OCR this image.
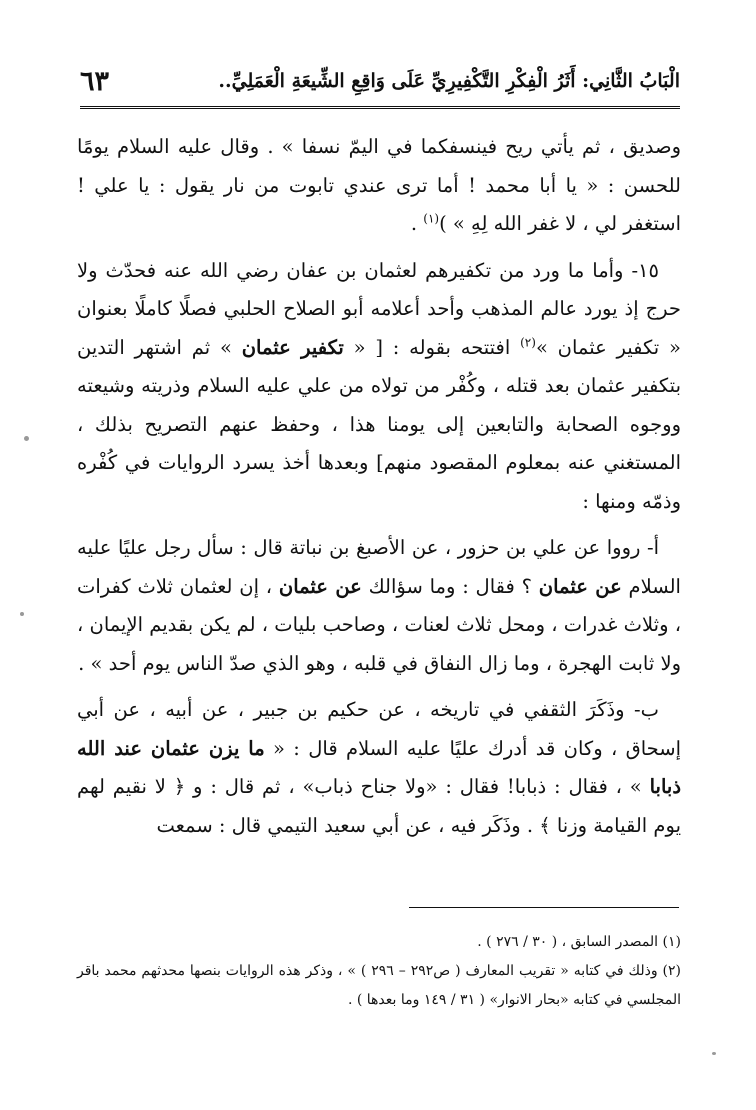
الْبَابُ الثَّانِي: أَثَرُ الْفِكْرِ التَّكْفِيرِيِّ عَلَى وَاقِعِ الشِّيعَةِ الْعَمَلِيِّ..
٦٣

وصديق ، ثم يأتي ريح فينسفكما في اليمّ نسفا » . وقال عليه السلام يومًا للحسن : « يا أبا محمد ! أما ترى عندي تابوت من نار يقول : يا علي ! استغفر لي ، لا غفر الله لِهِ » )$^{(١)}$ .

١٥- وأما ما ورد من تكفيرهم لعثمان بن عفان رضي الله عنه فحدّث ولا حرج إذ يورد عالم المذهب وأحد أعلامه أبو الصلاح الحلبي فصلًا كاملًا بعنوان « تكفير عثمان »$^{(٢)}$ افتتحه بقوله : [ « تكفير عثمان » ثم اشتهر التدين بتكفير عثمان بعد قتله ، وكُفْر من تولاه من علي عليه السلام وذريته وشيعته ووجوه الصحابة والتابعين إلى يومنا هذا ، وحفظ عنهم التصريح بذلك ، المستغني عنه بمعلوم المقصود منهم] وبعدها أخذ يسرد الروايات في كُفْره وذمّه ومنها :

أ- رووا عن علي بن حزور ، عن الأصبغ بن نباتة قال : سأل رجل عليًا عليه السلام عن عثمان ؟ فقال : وما سؤالك عن عثمان ، إن لعثمان ثلاث كفرات ، وثلاث غدرات ، ومحل ثلاث لعنات ، وصاحب بليات ، لم يكن بقديم الإيمان ، ولا ثابت الهجرة ، وما زال النفاق في قلبه ، وهو الذي صدّ الناس يوم أحد » .

ب- وذَكَرَ الثقفي في تاريخه ، عن حكيم بن جبير ، عن أبيه ، عن أبي إسحاق ، وكان قد أدرك عليًا عليه السلام قال : « ما يزن عثمان عند الله ذبابا » ، فقال : ذبابا! فقال : «ولا جناح ذباب» ، ثم قال : و ﴿ لا نقيم لهم يوم القيامة وزنا ﴾ . وذَكَر فيه ، عن أبي سعيد التيمي قال : سمعت

(١) المصدر السابق ، ( ٣٠ / ٢٧٦ ) .

(٢) وذلك في كتابه « تقريب المعارف ( ص٢٩٢ – ٢٩٦ ) » ، وذكر هذه الروايات بنصها محدثهم محمد باقر المجلسي في كتابه «بحار الانوار» ( ٣١ / ١٤٩ وما بعدها ) .
